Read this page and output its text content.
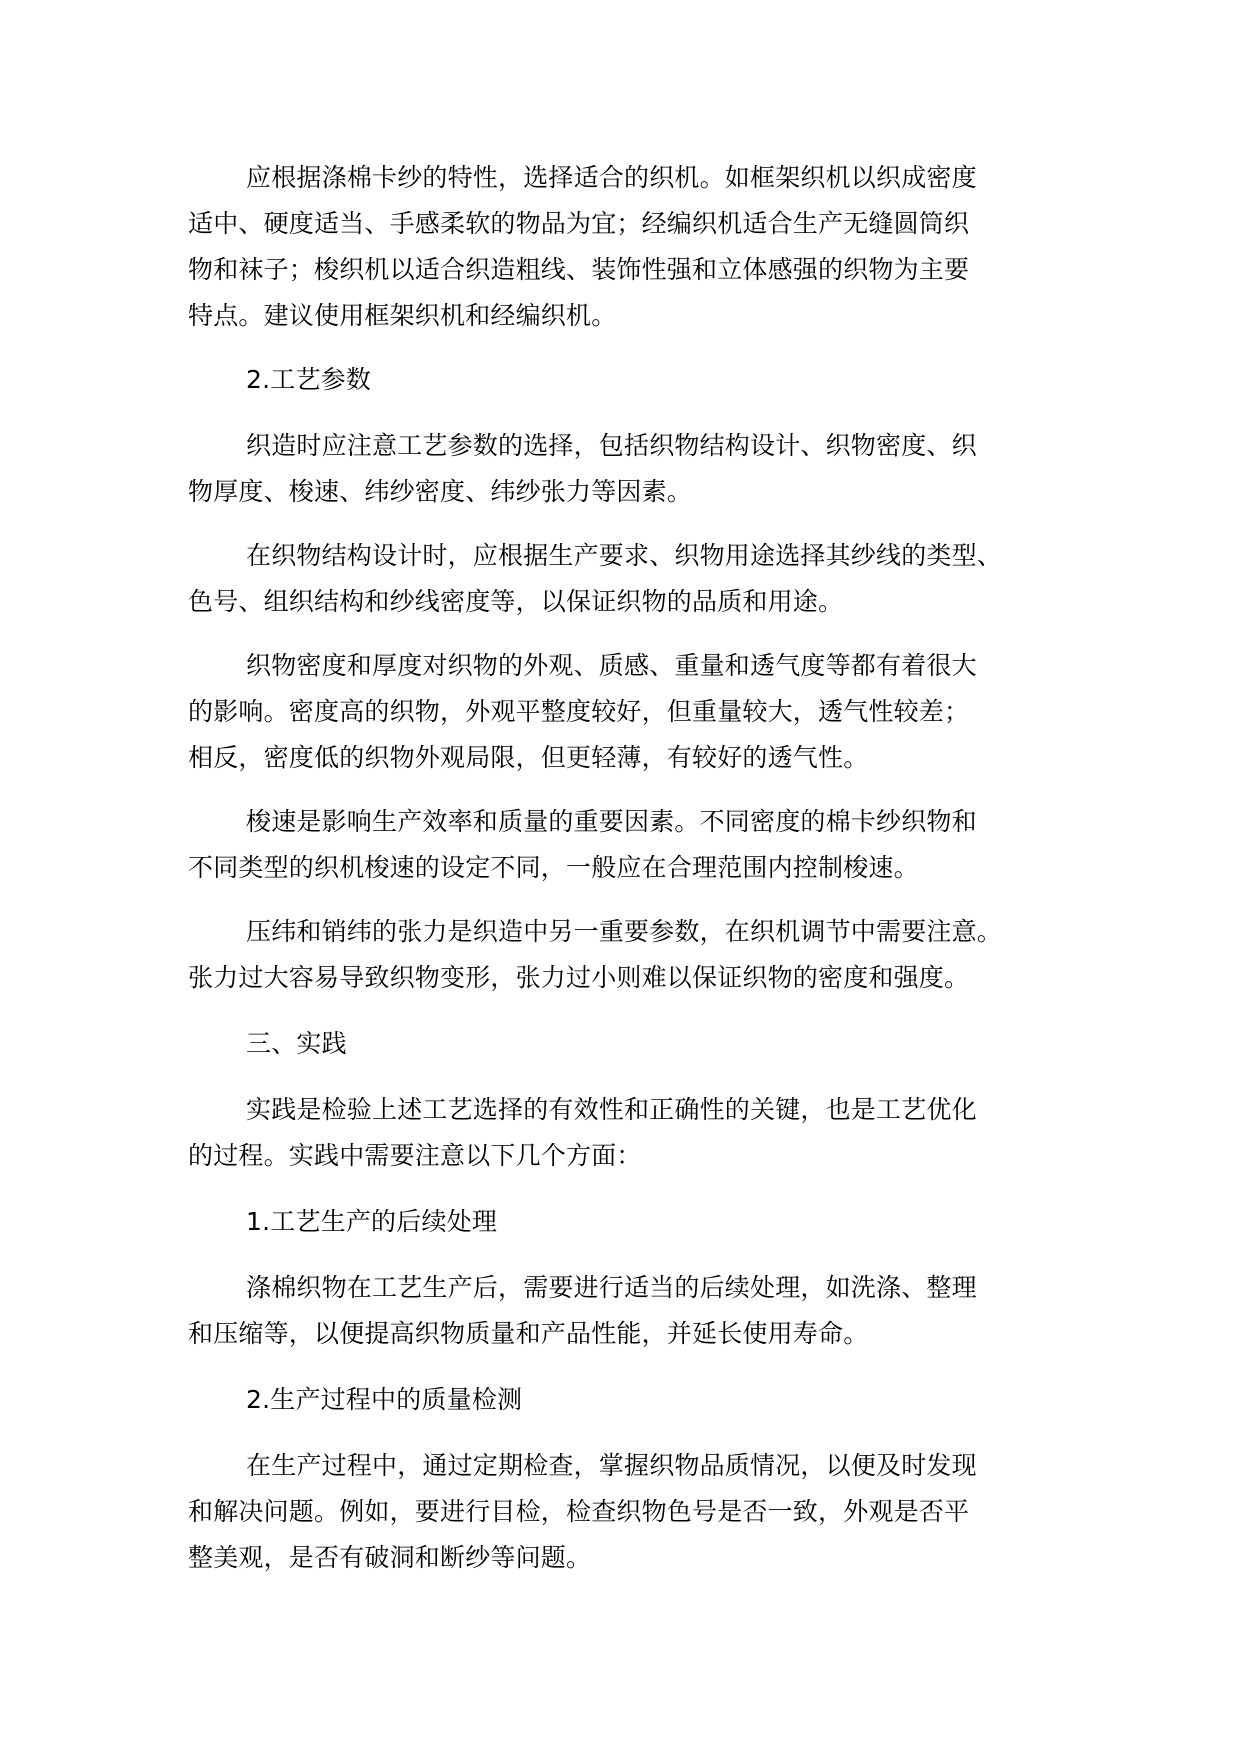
应根据涤棉卡纱的特性，选择适合的织机。如框架织机以织成密度
适中、硬度适当、手感柔软的物品为宜；经编织机适合生产无缝圆筒织
物和袜子；梭织机以适合织造粗线、装饰性强和立体感强的织物为主要
特点。建议使用框架织机和经编织机。
2.工艺参数
织造时应注意工艺参数的选择，包括织物结构设计、织物密度、织
物厚度、梭速、纬纱密度、纬纱张力等因素。
在织物结构设计时，应根据生产要求、织物用途选择其纱线的类型、
色号、组织结构和纱线密度等，以保证织物的品质和用途。
织物密度和厚度对织物的外观、质感、重量和透气度等都有着很大
的影响。密度高的织物，外观平整度较好，但重量较大，透气性较差；
相反，密度低的织物外观局限，但更轻薄，有较好的透气性。
梭速是影响生产效率和质量的重要因素。不同密度的棉卡纱织物和
不同类型的织机梭速的设定不同，一般应在合理范围内控制梭速。
压纬和销纬的张力是织造中另一重要参数，在织机调节中需要注意。
张力过大容易导致织物变形，张力过小则难以保证织物的密度和强度。
三、实践
实践是检验上述工艺选择的有效性和正确性的关键，也是工艺优化
的过程。实践中需要注意以下几个方面：
1.工艺生产的后续处理
涤棉织物在工艺生产后，需要进行适当的后续处理，如洗涤、整理
和压缩等，以便提高织物质量和产品性能，并延长使用寿命。
2.生产过程中的质量检测
在生产过程中，通过定期检查，掌握织物品质情况，以便及时发现
和解决问题。例如，要进行目检，检查织物色号是否一致，外观是否平
整美观，是否有破洞和断纱等问题。
